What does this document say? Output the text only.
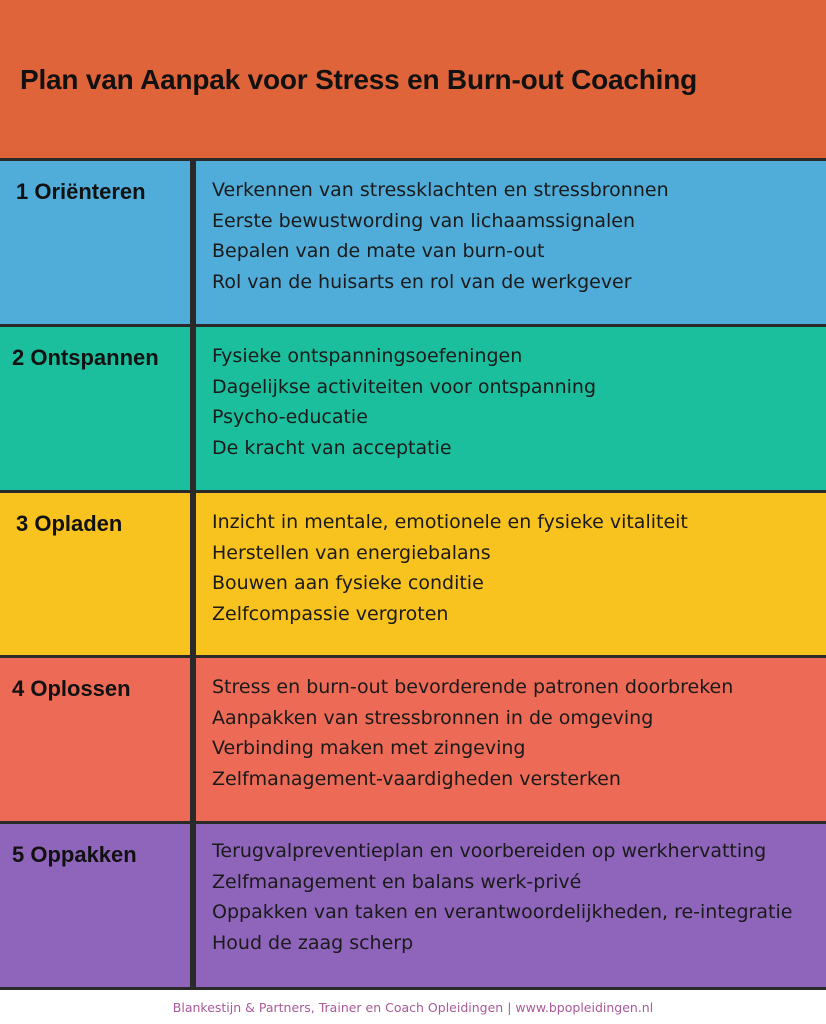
Plan van Aanpak voor Stress en Burn-out Coaching
1 Oriënteren	Verkennen van stressklachten en stressbronnen
Eerste bewustwording van lichaamssignalen
Bepalen van de mate van burn-out
Rol van de huisarts en rol van de werkgever
2 Ontspannen	Fysieke ontspanningsoefeningen
Dagelijkse activiteiten voor ontspanning
Psycho-educatie
De kracht van acceptatie
3 Opladen	Inzicht in mentale, emotionele en fysieke vitaliteit
Herstellen van energiebalans
Bouwen aan fysieke conditie
Zelfcompassie vergroten
4 Oplossen	Stress en burn-out bevorderende patronen doorbreken
Aanpakken van stressbronnen in de omgeving
Verbinding maken met zingeving
Zelfmanagement-vaardigheden versterken
5 Oppakken	Terugvalpreventieplan en voorbereiden op werkhervatting
Zelfmanagement en balans werk-privé
Oppakken van taken en verantwoordelijkheden, re-integratie
Houd de zaag scherp
Blankestijn & Partners, Trainer en Coach Opleidingen | www.bpopleidingen.nl
